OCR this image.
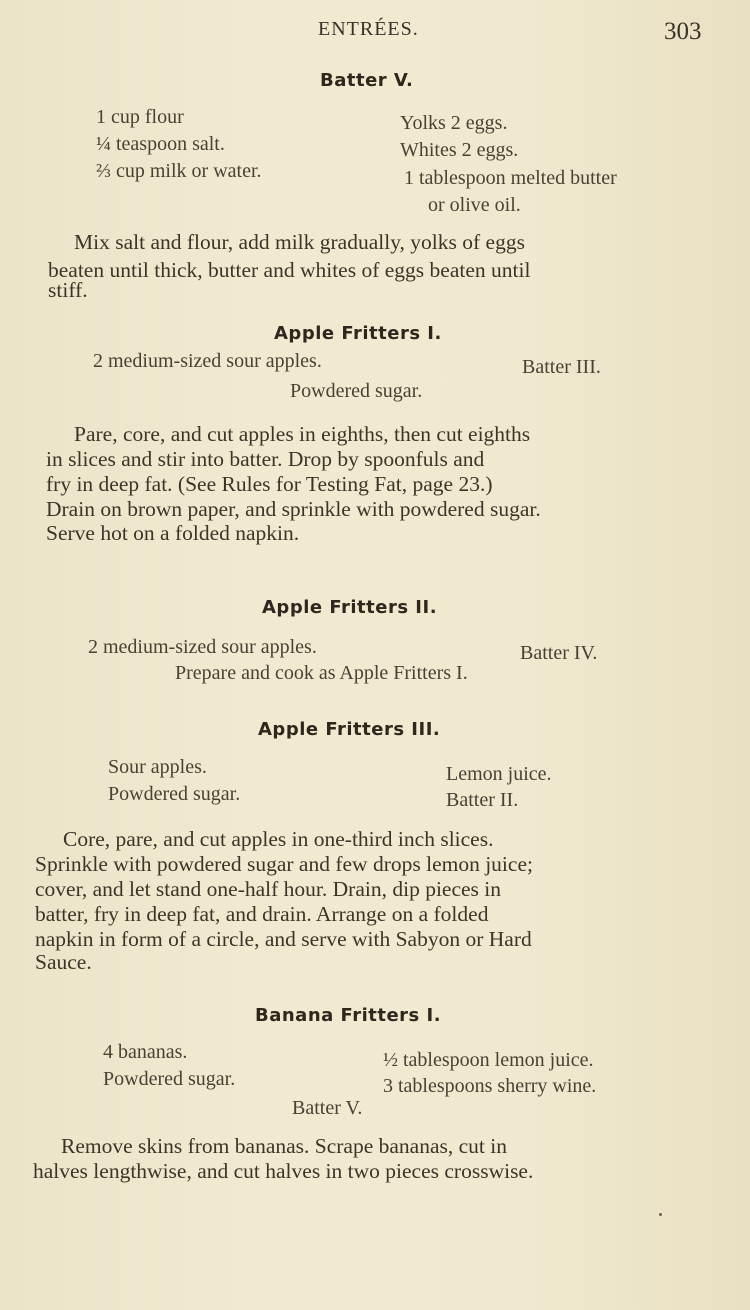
ENTRÉES.	303
Batter V.
1 cup flour
¼ teaspoon salt.
⅔ cup milk or water.
Yolks 2 eggs.
Whites 2 eggs.
1 tablespoon melted butter
or olive oil.
Mix salt and flour, add milk gradually, yolks of eggs
beaten until thick, butter and whites of eggs beaten until
stiff.
Apple Fritters I.
2 medium-sized sour apples.	Batter III.
Powdered sugar.
Pare, core, and cut apples in eighths, then cut eighths
in slices and stir into batter. Drop by spoonfuls and
fry in deep fat. (See Rules for Testing Fat, page 23.)
Drain on brown paper, and sprinkle with powdered sugar.
Serve hot on a folded napkin.
Apple Fritters II.
2 medium-sized sour apples.	Batter IV.
Prepare and cook as Apple Fritters I.
Apple Fritters III.
Sour apples.
Powdered sugar.
Lemon juice.
Batter II.
Core, pare, and cut apples in one-third inch slices.
Sprinkle with powdered sugar and few drops lemon juice;
cover, and let stand one-half hour. Drain, dip pieces in
batter, fry in deep fat, and drain. Arrange on a folded
napkin in form of a circle, and serve with Sabyon or Hard
Sauce.
Banana Fritters I.
4 bananas.
Powdered sugar.
½ tablespoon lemon juice.
3 tablespoons sherry wine.
Batter V.
Remove skins from bananas. Scrape bananas, cut in
halves lengthwise, and cut halves in two pieces crosswise.
